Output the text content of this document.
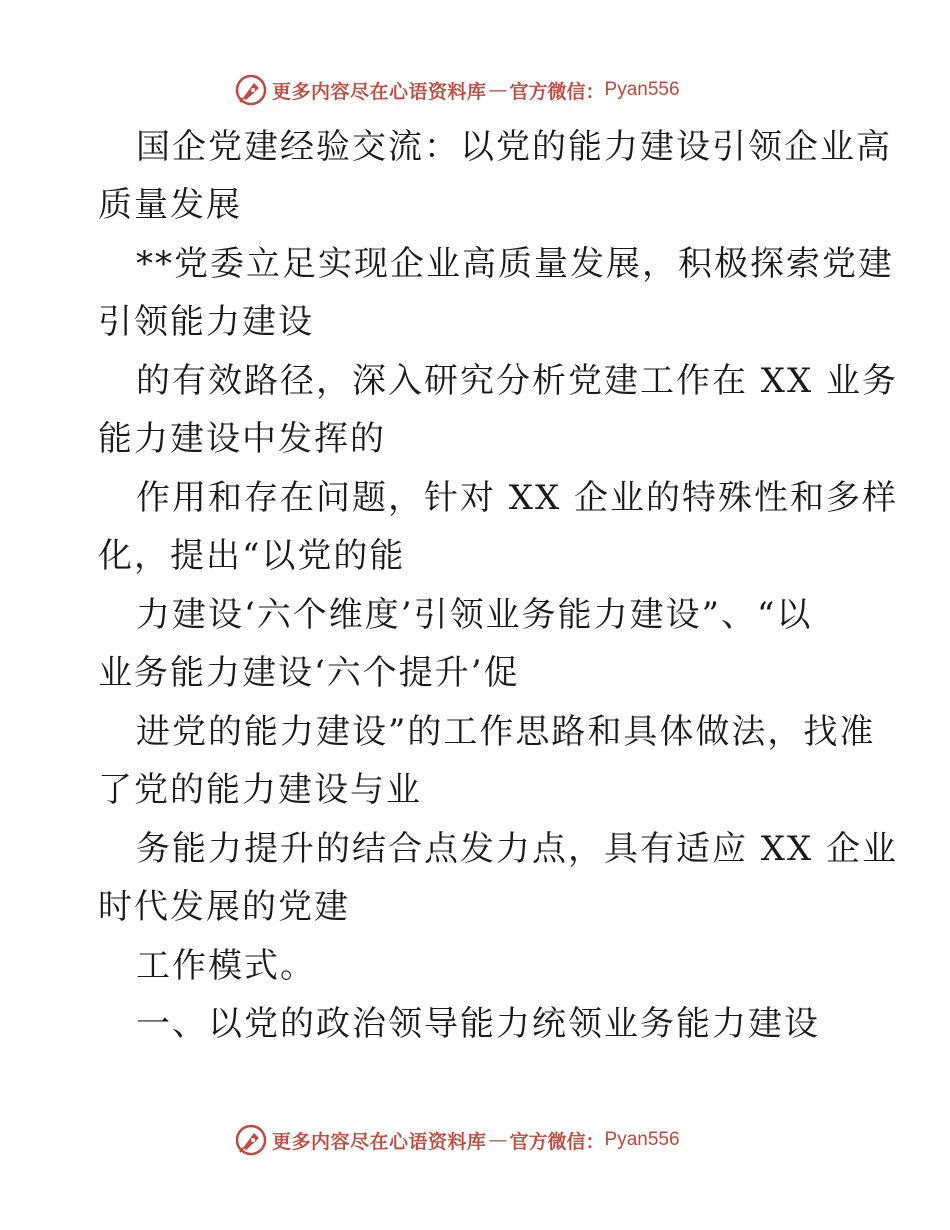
更多内容尽在心语资料库 — 官方微信： Pyan556
国企党建经验交流：以党的能力建设引领企业高
质量发展
**党委立足实现企业高质量发展，积极探索党建
引领能力建设
的有效路径，深入研究分析党建工作在 XX 业务
能力建设中发挥的
作用和存在问题，针对 XX 企业的特殊性和多样
化，提出“以党的能
力建设‘六个维度’引领业务能力建设”、“以
业务能力建设‘六个提升’促
进党的能力建设”的工作思路和具体做法，找准
了党的能力建设与业
务能力提升的结合点发力点，具有适应 XX 企业
时代发展的党建
工作模式。
一、以党的政治领导能力统领业务能力建设
更多内容尽在心语资料库 — 官方微信： Pyan556
